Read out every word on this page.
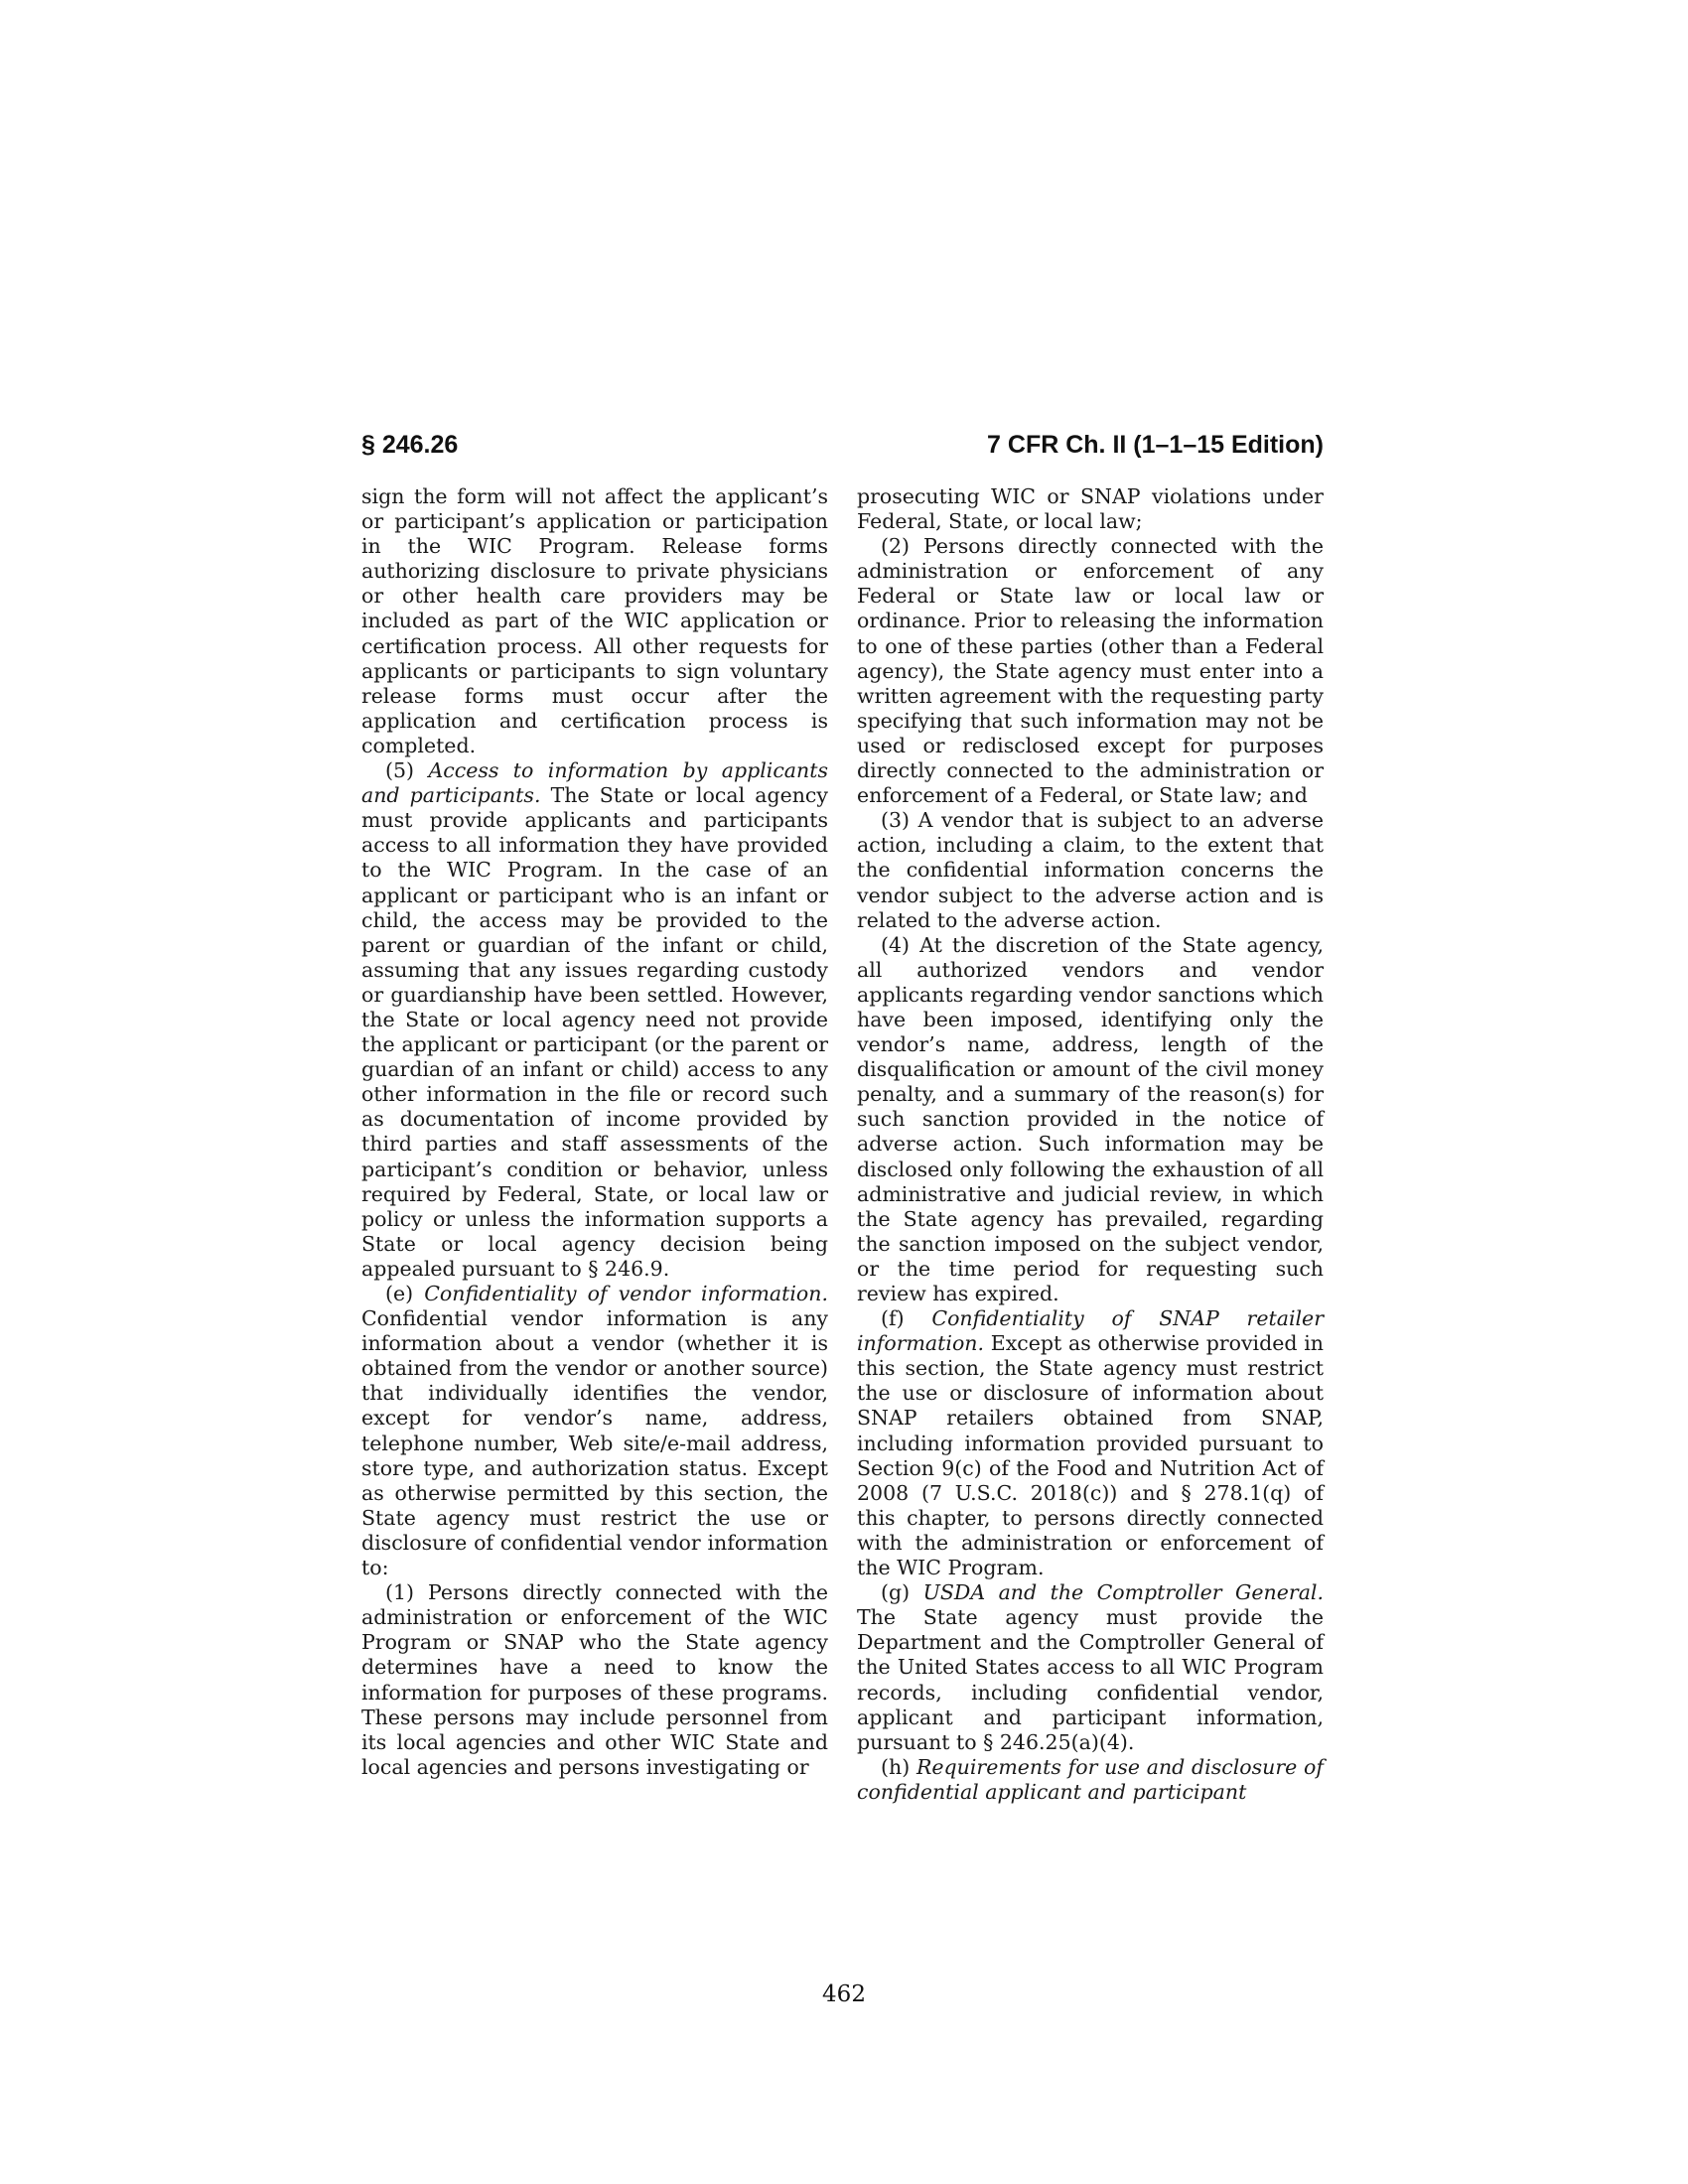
§ 246.26	7 CFR Ch. II (1–1–15 Edition)

sign the form will not affect the applicant’s or participant’s application or participation in the WIC Program. Release forms authorizing disclosure to private physicians or other health care providers may be included as part of the WIC application or certification process. All other requests for applicants or participants to sign voluntary release forms must occur after the application and certification process is completed.

(5) Access to information by applicants and participants. The State or local agency must provide applicants and participants access to all information they have provided to the WIC Program. In the case of an applicant or participant who is an infant or child, the access may be provided to the parent or guardian of the infant or child, assuming that any issues regarding custody or guardianship have been settled. However, the State or local agency need not provide the applicant or participant (or the parent or guardian of an infant or child) access to any other information in the file or record such as documentation of income provided by third parties and staff assessments of the participant’s condition or behavior, unless required by Federal, State, or local law or policy or unless the information supports a State or local agency decision being appealed pursuant to § 246.9.

(e) Confidentiality of vendor information. Confidential vendor information is any information about a vendor (whether it is obtained from the vendor or another source) that individually identifies the vendor, except for vendor’s name, address, telephone number, Web site/e-mail address, store type, and authorization status. Except as otherwise permitted by this section, the State agency must restrict the use or disclosure of confidential vendor information to:

(1) Persons directly connected with the administration or enforcement of the WIC Program or SNAP who the State agency determines have a need to know the information for purposes of these programs. These persons may include personnel from its local agencies and other WIC State and local agencies and persons investigating or

prosecuting WIC or SNAP violations under Federal, State, or local law;

(2) Persons directly connected with the administration or enforcement of any Federal or State law or local law or ordinance. Prior to releasing the information to one of these parties (other than a Federal agency), the State agency must enter into a written agreement with the requesting party specifying that such information may not be used or redisclosed except for purposes directly connected to the administration or enforcement of a Federal, or State law; and

(3) A vendor that is subject to an adverse action, including a claim, to the extent that the confidential information concerns the vendor subject to the adverse action and is related to the adverse action.

(4) At the discretion of the State agency, all authorized vendors and vendor applicants regarding vendor sanctions which have been imposed, identifying only the vendor’s name, address, length of the disqualification or amount of the civil money penalty, and a summary of the reason(s) for such sanction provided in the notice of adverse action. Such information may be disclosed only following the exhaustion of all administrative and judicial review, in which the State agency has prevailed, regarding the sanction imposed on the subject vendor, or the time period for requesting such review has expired.

(f) Confidentiality of SNAP retailer information. Except as otherwise provided in this section, the State agency must restrict the use or disclosure of information about SNAP retailers obtained from SNAP, including information provided pursuant to Section 9(c) of the Food and Nutrition Act of 2008 (7 U.S.C. 2018(c)) and § 278.1(q) of this chapter, to persons directly connected with the administration or enforcement of the WIC Program.

(g) USDA and the Comptroller General. The State agency must provide the Department and the Comptroller General of the United States access to all WIC Program records, including confidential vendor, applicant and participant information, pursuant to § 246.25(a)(4).

(h) Requirements for use and disclosure of confidential applicant and participant

462
